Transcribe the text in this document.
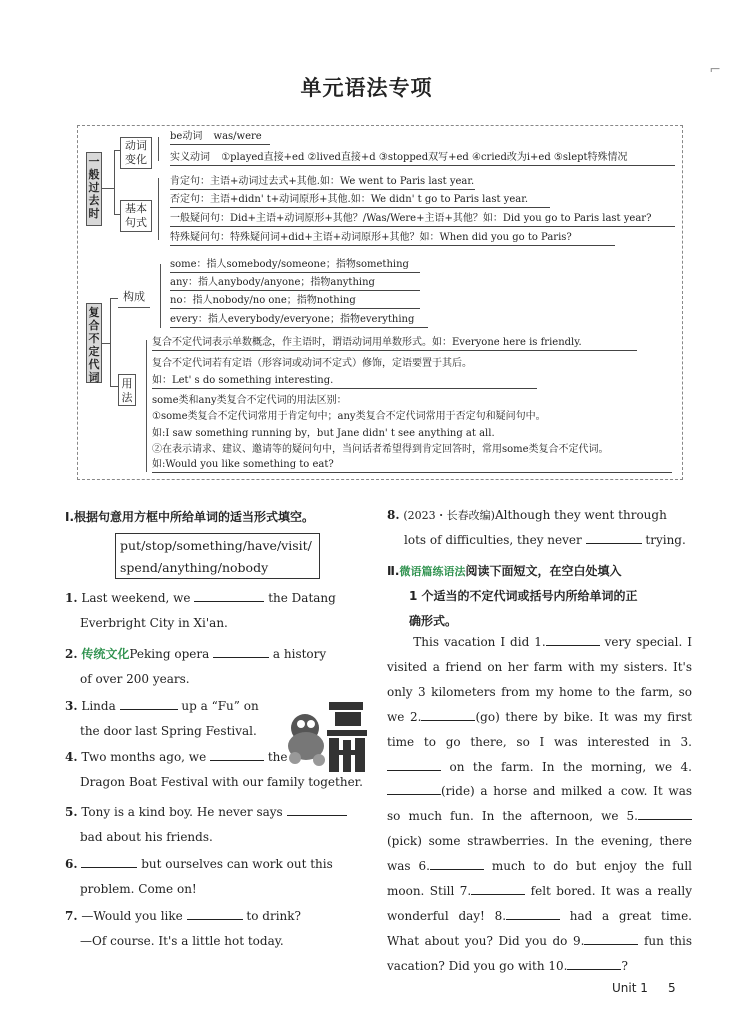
单元语法专项
⌐
一般过去时
动词变化
be动词 was/were
实义动词 ①played直接+ed ②lived直接+d ③stopped双写+ed ④cried改为i+ed ⑤slept特殊情况
基本句式
肯定句：主语+动词过去式+其他.如：We went to Paris last year.
否定句：主语+didn' t+动词原形+其他.如：We didn' t go to Paris last year.
一般疑问句：Did+主语+动词原形+其他？/Was/Were+主语+其他？如：Did you go to Paris last year?
特殊疑问句：特殊疑问词+did+主语+动词原形+其他？如：When did you go to Paris?
复合不定代词
构成
some：指人somebody/someone；指物something
any：指人anybody/anyone；指物anything
no：指人nobody/no one；指物nothing
every：指人everybody/everyone；指物everything
用法
复合不定代词表示单数概念，作主语时，谓语动词用单数形式。如：Everyone here is friendly.
复合不定代词若有定语（形容词或动词不定式）修饰，定语要置于其后。
如：Let' s do something interesting.
some类和any类复合不定代词的用法区别：
①some类复合不定代词常用于肯定句中；any类复合不定代词常用于否定句和疑问句中。
如:I saw something running by，but Jane didn' t see anything at all.
②在表示请求、建议、邀请等的疑问句中，当问话者希望得到肯定回答时，常用some类复合不定代词。
如:Would you like something to eat?
Ⅰ.根据句意用方框中所给单词的适当形式填空。
put/stop/something/have/visit/
spend/anything/nobody
1. Last weekend, we	the Datang
Everbright City in Xi'an.
2. 传统文化Peking opera	a history
of over 200 years.
3. Linda	up a “Fu” on
the door last Spring Festival.
4. Two months ago, we	the
Dragon Boat Festival with our family together.
5. Tony is a kind boy. He never says
bad about his friends.
6.	but ourselves can work out this
problem. Come on!
7. —Would you like	to drink?
—Of course. It's a little hot today.
8. (2023・长春改编)Although they went through
lots of difficulties, they never	trying.
Ⅱ.微语篇练语法阅读下面短文，在空白处填入
1 个适当的不定代词或括号内所给单词的正
确形式。
　　This vacation I did 1.	very special. I visited a friend on her farm with my sisters. It's only 3 kilometers from my home to the farm, so we 2.	(go) there by bike. It was my first time to go there, so I was interested in 3. on the farm. In the morning, we 4.(ride) a horse and milked a cow. It was so much fun. In the afternoon, we 5.(pick) some strawberries. In the evening, there was 6.	much to do but enjoy the full moon. Still 7.	felt bored. It was a really wonderful day! 8.	had a great time. What about you? Did you do 9.	fun this vacation? Did you go with 10.	?
Unit 1 5
